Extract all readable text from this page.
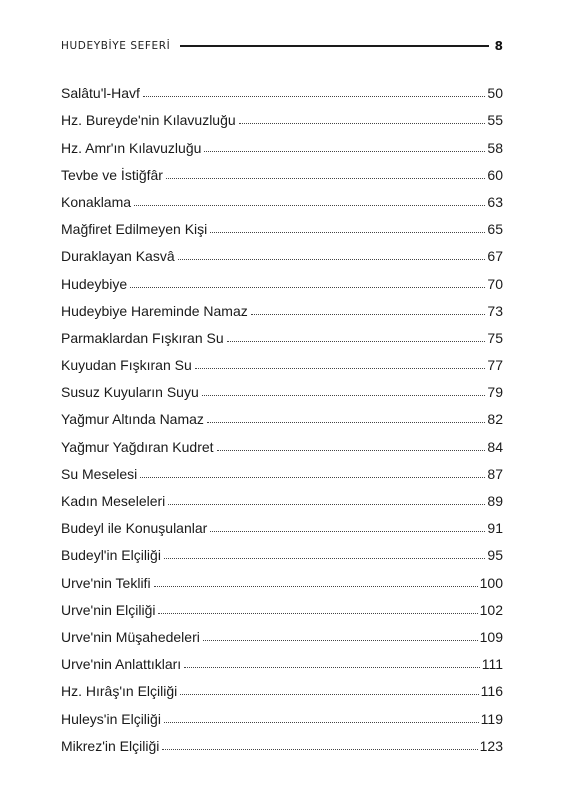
HUDEYBİYE SEFERİ	8
Salâtu'l-Havf	50
Hz. Bureyde'nin Kılavuzluğu	55
Hz. Amr'ın Kılavuzluğu	58
Tevbe ve İstiğfâr	60
Konaklama	63
Mağfiret Edilmeyen Kişi	65
Duraklayan Kasvâ	67
Hudeybiye	70
Hudeybiye Hareminde Namaz	73
Parmaklardan Fışkıran Su	75
Kuyudan Fışkıran Su	77
Susuz Kuyuların Suyu	79
Yağmur Altında Namaz	82
Yağmur Yağdıran Kudret	84
Su Meselesi	87
Kadın Meseleleri	89
Budeyl ile Konuşulanlar	91
Budeyl'in Elçiliği	95
Urve'nin Teklifi	100
Urve'nin Elçiliği	102
Urve'nin Müşahedeleri	109
Urve'nin Anlattıkları	111
Hz. Hırâş'ın Elçiliği	116
Huleys'in Elçiliği	119
Mikrez'in Elçiliği	123
